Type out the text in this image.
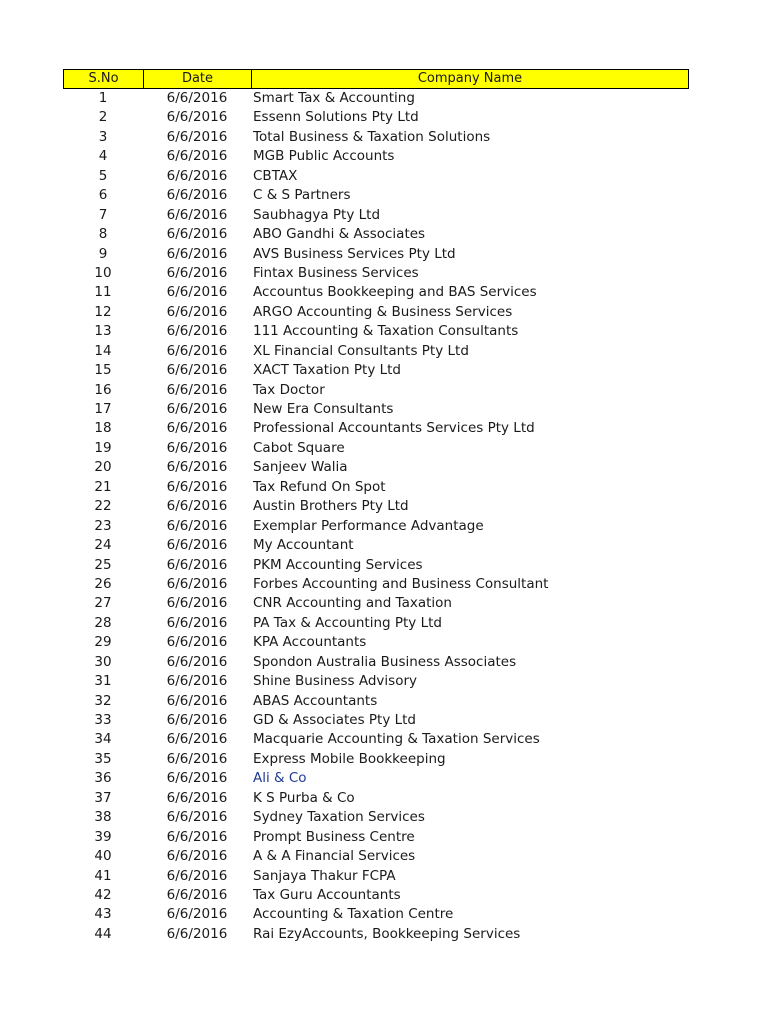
S.No	Date	Company Name
1	6/6/2016	Smart Tax & Accounting
2	6/6/2016	Essenn Solutions Pty Ltd
3	6/6/2016	Total Business & Taxation Solutions
4	6/6/2016	MGB Public Accounts
5	6/6/2016	CBTAX
6	6/6/2016	C & S Partners
7	6/6/2016	Saubhagya Pty Ltd
8	6/6/2016	ABO Gandhi & Associates
9	6/6/2016	AVS Business Services Pty Ltd
10	6/6/2016	Fintax Business Services
11	6/6/2016	Accountus Bookkeeping and BAS Services
12	6/6/2016	ARGO Accounting & Business Services
13	6/6/2016	111 Accounting & Taxation Consultants
14	6/6/2016	XL Financial Consultants Pty Ltd
15	6/6/2016	XACT Taxation Pty Ltd
16	6/6/2016	Tax Doctor
17	6/6/2016	New Era Consultants
18	6/6/2016	Professional Accountants Services Pty Ltd
19	6/6/2016	Cabot Square
20	6/6/2016	Sanjeev Walia
21	6/6/2016	Tax Refund On Spot
22	6/6/2016	Austin Brothers Pty Ltd
23	6/6/2016	Exemplar Performance Advantage
24	6/6/2016	My Accountant
25	6/6/2016	PKM Accounting Services
26	6/6/2016	Forbes Accounting and Business Consultant
27	6/6/2016	CNR Accounting and Taxation
28	6/6/2016	PA Tax & Accounting Pty Ltd
29	6/6/2016	KPA Accountants
30	6/6/2016	Spondon Australia Business Associates
31	6/6/2016	Shine Business Advisory
32	6/6/2016	ABAS Accountants
33	6/6/2016	GD & Associates Pty Ltd
34	6/6/2016	Macquarie Accounting & Taxation Services
35	6/6/2016	Express Mobile Bookkeeping
36	6/6/2016	Ali & Co
37	6/6/2016	K S Purba & Co
38	6/6/2016	Sydney Taxation Services
39	6/6/2016	Prompt Business Centre
40	6/6/2016	A & A Financial Services
41	6/6/2016	Sanjaya Thakur FCPA
42	6/6/2016	Tax Guru Accountants
43	6/6/2016	Accounting & Taxation Centre
44	6/6/2016	Rai EzyAccounts, Bookkeeping Services
